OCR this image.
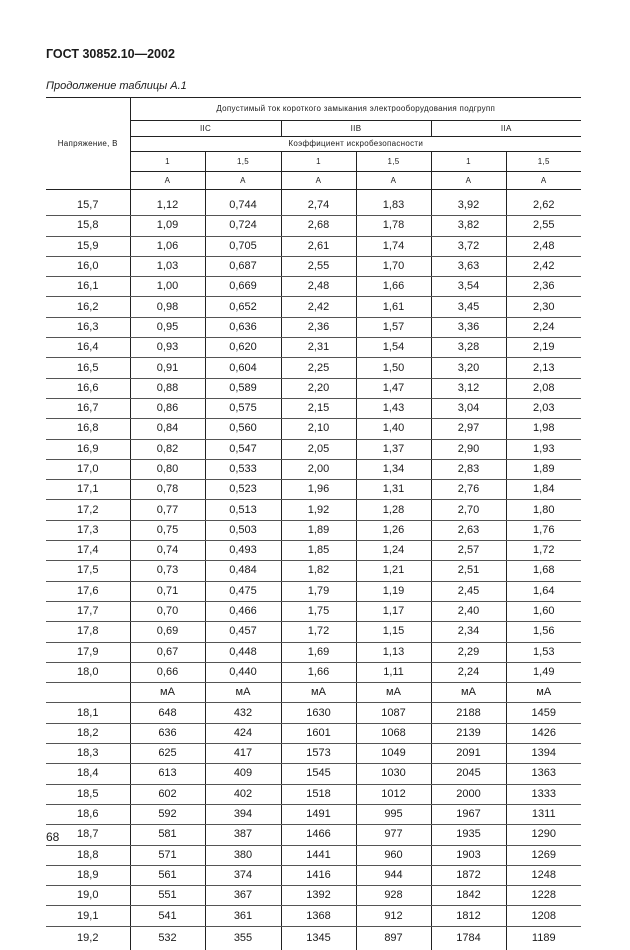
ГОСТ 30852.10—2002
Продолжение таблицы А.1
Напряжение, В	Допустимый ток короткого замыкания электрооборудования подгрупп					
	IIC		IIB		IIA	
	Коэффициент искробезопасности					
	1	1,5	1	1,5	1	1,5
	А	А	А	А	А	А

15,7	1,12	0,744	2,74	1,83	3,92	2,62
15,8	1,09	0,724	2,68	1,78	3,82	2,55
15,9	1,06	0,705	2,61	1,74	3,72	2,48
16,0	1,03	0,687	2,55	1,70	3,63	2,42
16,1	1,00	0,669	2,48	1,66	3,54	2,36
16,2	0,98	0,652	2,42	1,61	3,45	2,30
16,3	0,95	0,636	2,36	1,57	3,36	2,24
16,4	0,93	0,620	2,31	1,54	3,28	2,19
16,5	0,91	0,604	2,25	1,50	3,20	2,13
16,6	0,88	0,589	2,20	1,47	3,12	2,08
16,7	0,86	0,575	2,15	1,43	3,04	2,03
16,8	0,84	0,560	2,10	1,40	2,97	1,98
16,9	0,82	0,547	2,05	1,37	2,90	1,93
17,0	0,80	0,533	2,00	1,34	2,83	1,89
17,1	0,78	0,523	1,96	1,31	2,76	1,84
17,2	0,77	0,513	1,92	1,28	2,70	1,80
17,3	0,75	0,503	1,89	1,26	2,63	1,76
17,4	0,74	0,493	1,85	1,24	2,57	1,72
17,5	0,73	0,484	1,82	1,21	2,51	1,68
17,6	0,71	0,475	1,79	1,19	2,45	1,64
17,7	0,70	0,466	1,75	1,17	2,40	1,60
17,8	0,69	0,457	1,72	1,15	2,34	1,56
17,9	0,67	0,448	1,69	1,13	2,29	1,53
18,0	0,66	0,440	1,66	1,11	2,24	1,49
	мА	мА	мА	мА	мА	мА
18,1	648	432	1630	1087	2188	1459
18,2	636	424	1601	1068	2139	1426
18,3	625	417	1573	1049	2091	1394
18,4	613	409	1545	1030	2045	1363
18,5	602	402	1518	1012	2000	1333
18,6	592	394	1491	995	1967	1311
18,7	581	387	1466	977	1935	1290
18,8	571	380	1441	960	1903	1269
18,9	561	374	1416	944	1872	1248
19,0	551	367	1392	928	1842	1228
19,1	541	361	1368	912	1812	1208
19,2	532	355	1345	897	1784	1189
68
